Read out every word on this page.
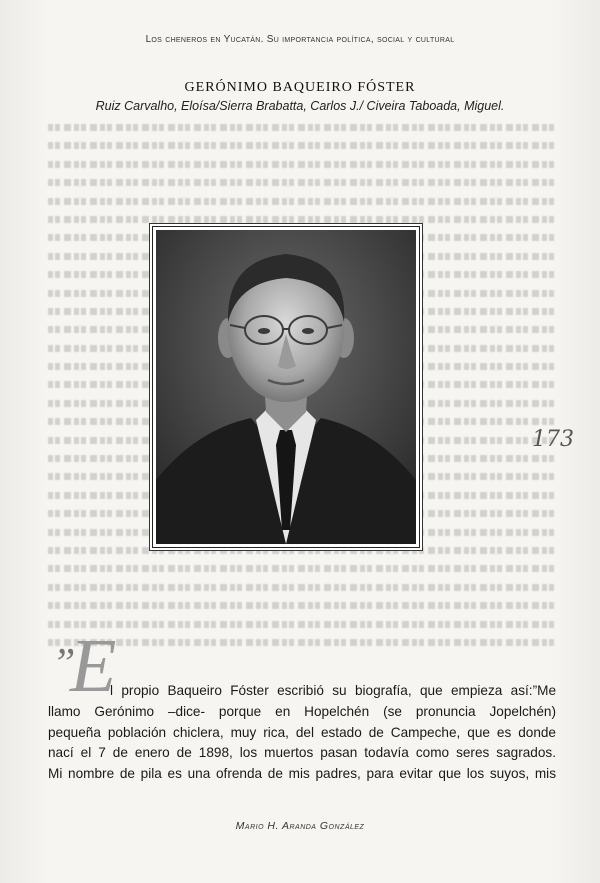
Los cheneros en Yucatán. Su importancia política, social y cultural
GERÓNIMO BAQUEIRO FÓSTER
Ruiz Carvalho, Eloísa/Sierra Brabatta, Carlos J./ Civeira Taboada, Miguel.
173
”
E
l propio Baqueiro Fóster escribió su biografía, que empieza así:”Me
llamo Gerónimo –dice- porque en Hopelchén (se pronuncia Jopelchén)
pequeña población chiclera, muy rica, del estado de Campeche, que es donde
nací el 7 de enero de 1898, los muertos pasan todavía como seres sagrados.
Mi nombre de pila es una ofrenda de mis padres, para evitar que los suyos, mis
Mario H. Aranda González
